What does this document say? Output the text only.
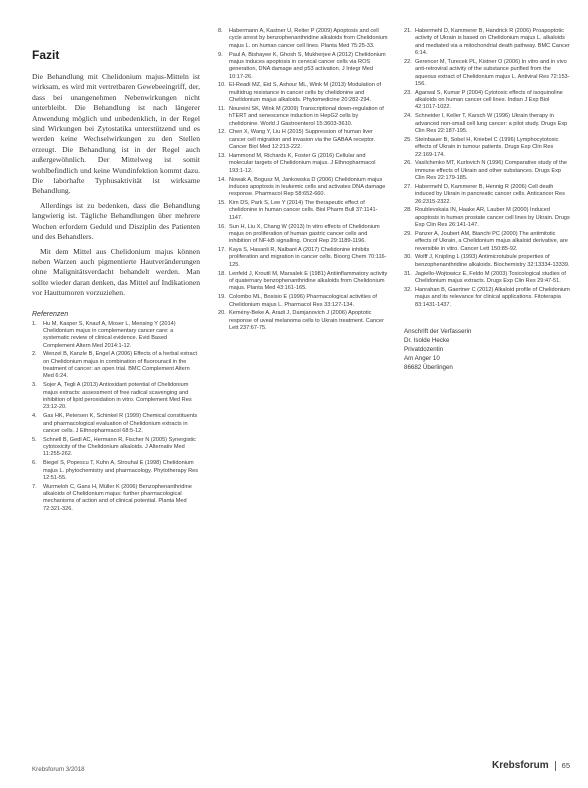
Fazit

Die Behandlung mit Chelidonium majus-Mitteln ist wirksam, es wird mit vertretbaren Gewebeeingriff, der, dass bei unangenehmen Nebenwirkungen nicht unterbleibt. Die Behandlung ist nach längerer Anwendung möglich und unbedenklich, in der Regel sind Wirkungen bei Zytostatika unterstützend und es werden keine Wechselwirkungen zu den Stellen erzeugt. Die Behandlung ist in der Regel auch außergewöhnlich. Der Mittelweg ist somit wohlbefindlich und keine Wundinfektion kommt dazu. Die laborhafte Typhusaktivität ist wirksame Behandlung.

Allerdings ist zu bedenken, dass die Behandlung langwierig ist. Tägliche Behandlungen über mehrere Wochen erfordern Geduld und Disziplin des Patienten und des Behandlers.

Mit dem Mittel aus Chelidonium majus können neben Warzen auch pigmentierte Hautveränderungen ohne Malignitätsverdacht behandelt werden. Man sollte wieder daran denken, das Mittel auf Indikationen vor Hauttumoren vorzuziehen.

Referenzen
1. Hu M, Kasper S, Knauf A, Moser L, Mensing Y (2014) Chelidonium majus in complementary cancer care: a systematic review of clinical evidence. Evid Based Complement Altern Med 2014:1-12.
2. Wenzel B, Kanzle B, Engel A (2006) Effects of a herbal extract on Chelidonium majus in combination of fluorouracil in the treatment of cancer: an open trial. BMC Complement Altern Med 6:24.
3. Sojer A, Tegli A (2013) Antioxidant potential of Chelidonium majus extracts: assessment of free radical scavenging and inhibition of lipid peroxidation in vitro. Complement Med Res 23:12-20.
4. Gas HK, Petersen K, Schinkel R (1999) Chemical constituents and pharmacological evaluation of Chelidonium extracts in cancer cells. J Ethnopharmacol 68:5-12.
5. Schnell B, Gedl AC, Hermann R, Fischer N (2005) Synergistic cytotoxicity of the Chelidonium alkaloids. J Alternativ Med 11:255-262.
6. Biegel S, Popescu T, Kuhn A, Strouhal E (1998) Chelidonium majus L. phytochemistry and pharmacology. Phytotherapy Res 12:51-55.
7. Wurmeloh C, Gans H, Müller K (2006) Benzophenanthridine alkaloids of Chelidonium majus: further pharmacological mechanisms of action and of clinical potential. Planta Med 72:321-326.
8. Habermann A, Kastner U, Reiter P (2009) Apoptosis and cell cycle arrest by benzophenanthridine alkaloids from Chelidonium majus L. on human cancer cell lines. Planta Med 75:25-33.
9. Paul A, Bishayee K, Ghosh S, Mukherjee A (2012) Chelidonium majus induces apoptosis in cervical cancer cells via ROS generation, DNA damage and p53 activation. J Integr Med 10:17-26.
10. El-Readi MZ, Eid S, Ashour ML, Wink M (2013) Modulation of multidrug resistance in cancer cells by chelidonine and Chelidonium majus alkaloids. Phytomedicine 20:282-294.
11. Noureini SK, Wink M (2009) Transcriptional down-regulation of hTERT and senescence induction in HepG2 cells by chelidonine. World J Gastroenterol 15:3603-3610.
12. Chen X, Wang Y, Liu H (2015) Suppression of human liver cancer cell migration and invasion via the GABAA receptor. Cancer Biol Med 12:213-222.
13. Hammond M, Richards K, Foster G (2016) Cellular and molecular targets of Chelidonium majus. J Ethnopharmacol 193:1-12.
14. Nowak A, Bogusz M, Jankowska D (2006) Chelidonium majus induces apoptosis in leukemic cells and activates DNA damage response. Pharmacol Rep 58:652-660.
15. Kim DS, Park S, Lee Y (2014) The therapeutic effect of chelidonine in human cancer cells. Biol Pharm Bull 37:1141-1147.
16. Sun H, Liu X, Chang W (2013) In vitro effects of Chelidonium majus on proliferation of human gastric cancer cells and inhibition of NF-kB signalling. Oncol Rep 29:1189-1196.
17. Kaya S, Hasanli R, Nalbant A (2017) Chelidonine inhibits proliferation and migration in cancer cells. Bioorg Chem 70:116-125.
18. Lenfeld J, Kroutil M, Marsalek E (1981) Antiinflammatory activity of quaternary benzophenanthridine alkaloids from Chelidonium majus. Planta Med 43:161-165.
19. Colombo ML, Bosisio E (1996) Pharmacological activities of Chelidonium majus L. Pharmacol Res 33:127-134.
20. Kemény-Beke A, Aradi J, Damjanovich J (2006) Apoptotic response of uveal melanoma cells to Ukrain treatment. Cancer Lett 237:67-75.
21. Habermehl D, Kammerer B, Handrick R (2006) Proapoptotic activity of Ukrain is based on Chelidonium majus L. alkaloids and mediated via a mitochondrial death pathway. BMC Cancer 6:14.
22. Gerencer M, Turecek PL, Kistner O (2006) In vitro and in vivo anti-retroviral activity of the substance purified from the aqueous extract of Chelidonium majus L. Antiviral Res 72:153-156.
23. Agarwal S, Kumar P (2004) Cytotoxic effects of isoquinoline alkaloids on human cancer cell lines. Indian J Exp Biol 42:1017-1022.
24. Schneider I, Keller T, Karsch W (1996) Ukrain therapy in advanced non-small cell lung cancer: a pilot study. Drugs Exp Clin Res 22:187-195.
25. Steinbauer B, Sobel H, Kniebel C (1996) Lymphocytotoxic effects of Ukrain in tumour patients. Drugs Exp Clin Res 22:169-174.
26. Vasilchenko MT, Kurlovich N (1996) Comparative study of the immune effects of Ukrain and other substances. Drugs Exp Clin Res 22:179-185.
27. Habermehl D, Kammerer B, Hennig R (2006) Cell death induced by Ukrain in pancreatic cancer cells. Anticancer Res 26:2315-2322.
28. Roublevskaia IN, Haake AR, Lauber M (2000) Induced apoptosis in human prostate cancer cell lines by Ukrain. Drugs Exp Clin Res 26:141-147.
29. Panzer A, Joubert AM, Bianchi PC (2000) The antimitotic effects of Ukrain, a Chelidonium majus alkaloid derivative, are reversible in vitro. Cancer Lett 150:85-92.
30. Wolff J, Knipling L (1993) Antimicrotubule properties of benzophenanthridine alkaloids. Biochemistry 32:13334-13339.
31. Jagiello-Wojtowicz E, Feldo M (2003) Toxicological studies of Chelidonium majus extracts. Drugs Exp Clin Res 29:47-51.
32. Hanrahan B, Gaertner C (2012) Alkaloid profile of Chelidonium majus and its relevance for clinical applications. Fitoterapia 83:1431-1437.
Anschrift der Verfasserin
Dr. Isolde Hecke
Privatdozentin
Am Anger 10
86682 Überlingen
Krebsforum 3/2018	Krebsforum 65
